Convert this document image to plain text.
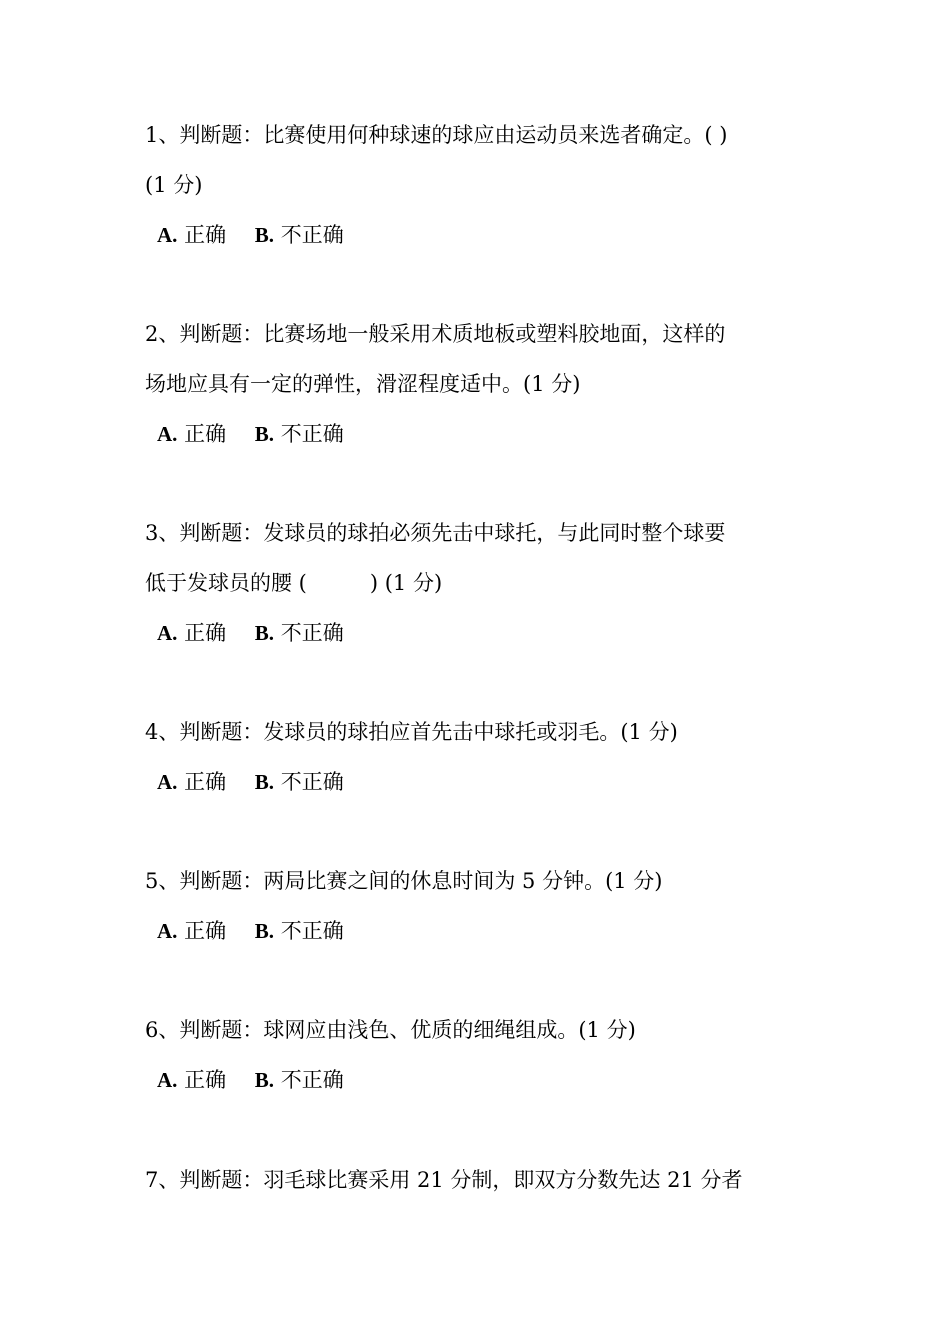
1、判断题：比赛使用何种球速的球应由运动员来选者确定。( )
(1 分)
A. 正确 B. 不正确
2、判断题：比赛场地一般采用术质地板或塑料胶地面，这样的
场地应具有一定的弹性，滑涩程度适中。(1 分)
A. 正确 B. 不正确
3、判断题：发球员的球拍必须先击中球托，与此同时整个球要
低于发球员的腰 (　　　) (1 分)
A. 正确 B. 不正确
4、判断题：发球员的球拍应首先击中球托或羽毛。(1 分)
A. 正确 B. 不正确
5、判断题：两局比赛之间的休息时间为 5 分钟。(1 分)
A. 正确 B. 不正确
6、判断题：球网应由浅色、优质的细绳组成。(1 分)
A. 正确 B. 不正确
7、判断题：羽毛球比赛采用 21 分制，即双方分数先达 21 分者
